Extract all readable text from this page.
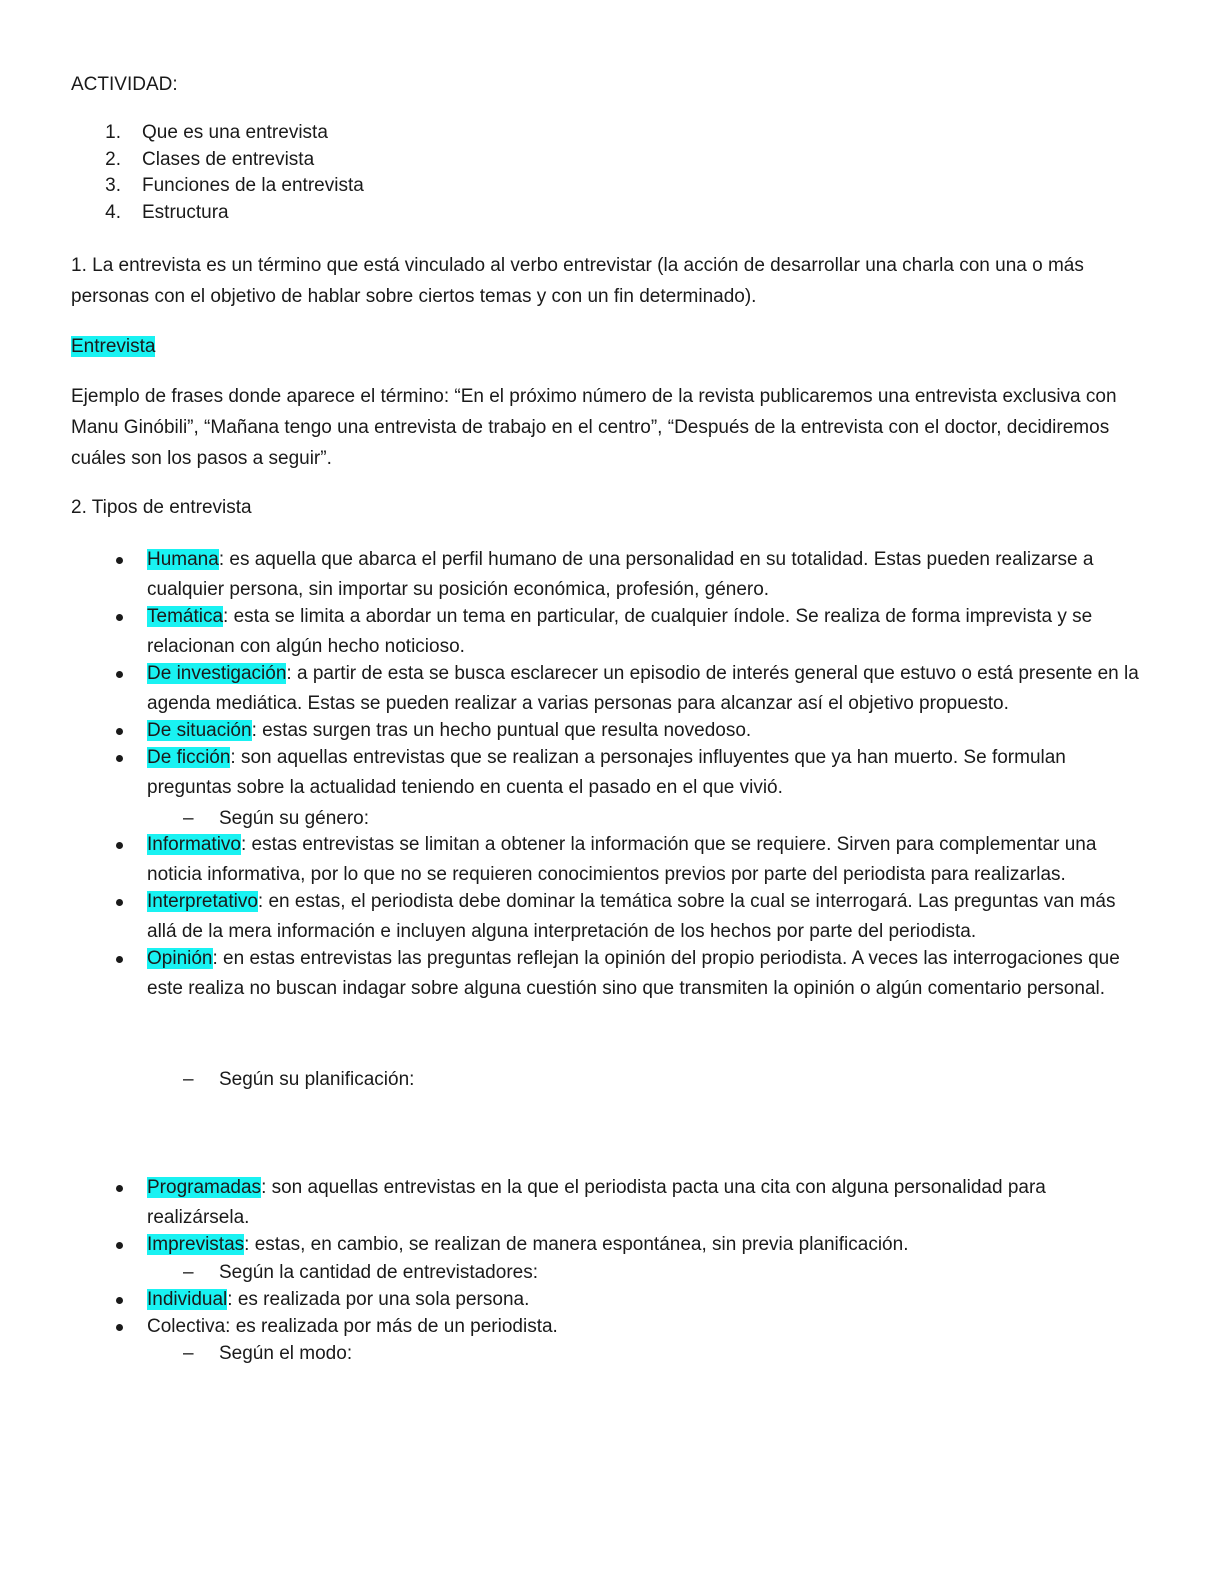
ACTIVIDAD:

1.	Que es una entrevista
2.	Clases de entrevista
3.	Funciones de la entrevista
4.	Estructura

1. La entrevista es un término que está vinculado al verbo entrevistar (la acción de desarrollar una charla con una o más personas con el objetivo de hablar sobre ciertos temas y con un fin determinado).

Entrevista

Ejemplo de frases donde aparece el término: “En el próximo número de la revista publicaremos una entrevista exclusiva con Manu Ginóbili”, “Mañana tengo una entrevista de trabajo en el centro”, “Después de la entrevista con el doctor, decidiremos cuáles son los pasos a seguir”.

2. Tipos de entrevista

Humana: es aquella que abarca el perfil humano de una personalidad en su totalidad. Estas pueden realizarse a cualquier persona, sin importar su posición económica, profesión, género.
Temática: esta se limita a abordar un tema en particular, de cualquier índole. Se realiza de forma imprevista y se relacionan con algún hecho noticioso.
De investigación: a partir de esta se busca esclarecer un episodio de interés general que estuvo o está presente en la agenda mediática. Estas se pueden realizar a varias personas para alcanzar así el objetivo propuesto.
De situación: estas surgen tras un hecho puntual que resulta novedoso.
De ficción: son aquellas entrevistas que se realizan a personajes influyentes que ya han muerto. Se formulan preguntas sobre la actualidad teniendo en cuenta el pasado en el que vivió.
–	Según su género:
Informativo: estas entrevistas se limitan a obtener la información que se requiere. Sirven para complementar una noticia informativa, por lo que no se requieren conocimientos previos por parte del periodista para realizarlas.
Interpretativo: en estas, el periodista debe dominar la temática sobre la cual se interrogará. Las preguntas van más allá de la mera información e incluyen alguna interpretación de los hechos por parte del periodista.
Opinión: en estas entrevistas las preguntas reflejan la opinión del propio periodista. A veces las interrogaciones que este realiza no buscan indagar sobre alguna cuestión sino que transmiten la opinión o algún comentario personal.
–	Según su planificación:
Programadas: son aquellas entrevistas en la que el periodista pacta una cita con alguna personalidad para realizársela.
Imprevistas: estas, en cambio, se realizan de manera espontánea, sin previa planificación.
–	Según la cantidad de entrevistadores:
Individual: es realizada por una sola persona.
Colectiva: es realizada por más de un periodista.
–	Según el modo:
